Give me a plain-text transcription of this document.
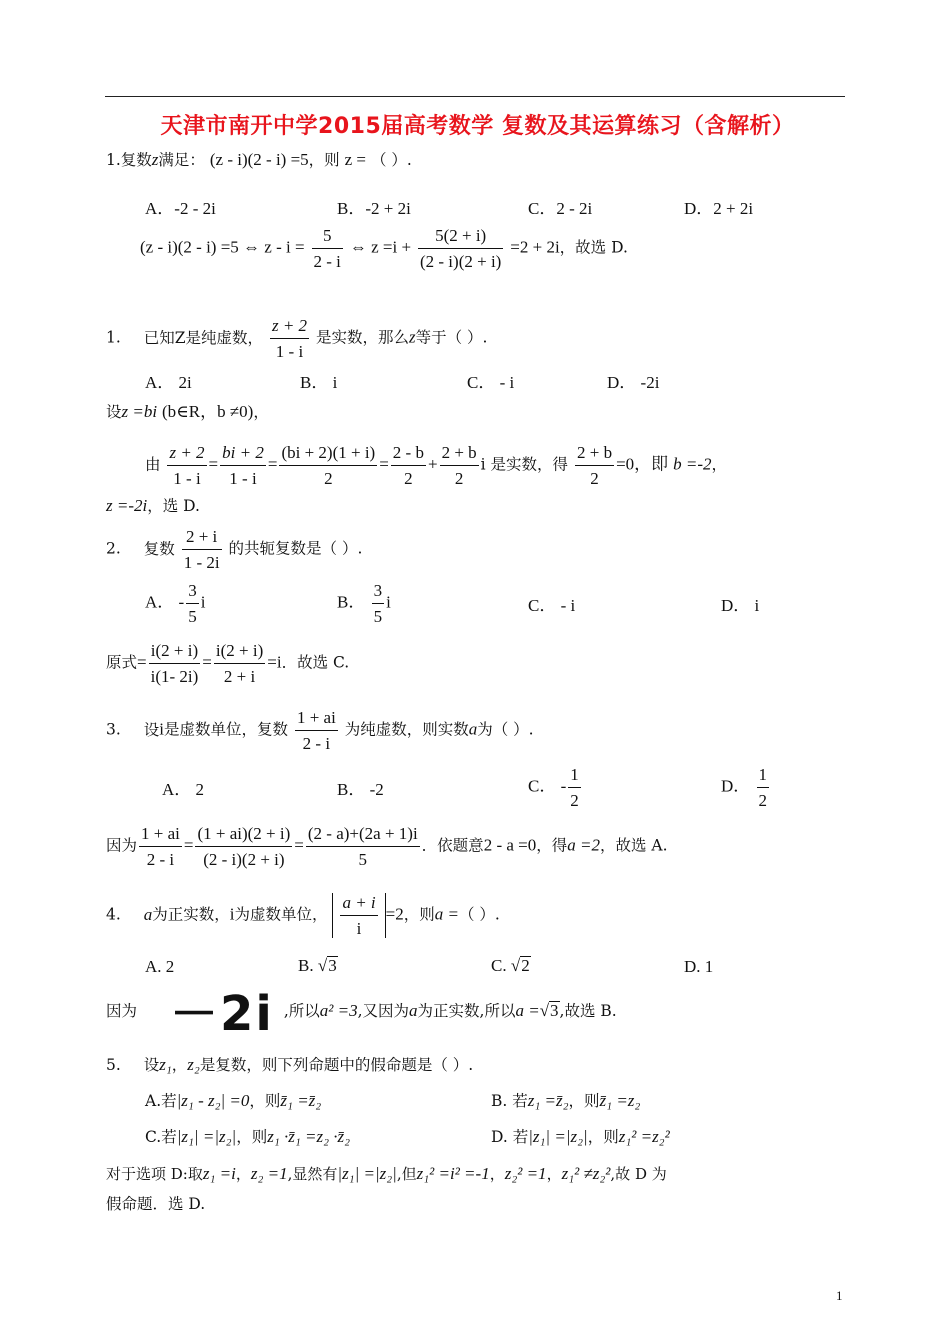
天津市南开中学2015届高考数学 复数及其运算练习（含解析）
1.复数z满足： (z - i)(2 - i) =5，则 z = （ ）.
A．-2 - 2i	B．-2 + 2i	C．2 - 2i	D．2 + 2i
(z - i)(2 - i) =5 ⇔ $z - i = \frac{5}{2 - i}$ ⇔ $z =i + \frac{5(2 + i)}{(2 - i)(2 + i)} =2 + 2i$，故选 D.
1. 已知Z是纯虚数， $\frac{z + 2}{1 - i}$ 是实数，那么z等于（ ）.
A． 2i	B． i	C． - i	D． -2i
设z =bi (b∈R，b ≠0)，
由 $\frac{z + 2}{1 - i} = \frac{bi + 2}{1 - i} = \frac{(bi + 2)(1 + i)}{2} = \frac{2 - b}{2} + \frac{2 + b}{2}$ i 是实数，得 $\frac{2 + b}{2} =0$，即 b =-2，
z =-2i，选 D.
2. 复数 $\frac{2 + i}{1 - 2i}$ 的共轭复数是（ ）.
A． - $\frac{3}{5}$ i	B． $\frac{3}{5}$ i	C． - i	D． i
原式= $\frac{i(2 + i)}{i(1- 2i)} = \frac{i(2 + i)}{2 + i} =i$．故选 C.
3. 设i是虚数单位，复数 $\frac{1 + ai}{2 - i}$ 为纯虚数，则实数a为（ ）.
A． 2	B． -2	C． - $\frac{1}{2}$	D． $\frac{1}{2}$
因为 $\frac{1 + ai}{2 - i} = \frac{(1 + ai)(2 + i)}{(2 - i)(2 + i)} = \frac{(2 - a)+(2a + 1)i}{5}$ ．依题意2 - a =0，得a =2，故选 A.
4. a为正实数，i为虚数单位， $\frac{a + i}{i} =2$，则a =（ ）.
A. 2	B. √3	C. √2	D. 1
因为 －2i ,所以a² =3,又因为a为正实数,所以a =√3,故选 B.
5. 设z₁，z₂是复数，则下列命题中的假命题是（ ）.
A.若|z₁ - z₂| =0，则z̄₁ =z̄₂	B. 若z₁ =z̄₂，则z̄₁ =z₂
C.若|z₁| =|z₂|，则z₁ ·z̄₁ =z₂ ·z̄₂	D. 若|z₁| =|z₂|，则z₁² =z₂²
对于选项 D:取z₁ =i，z₂ =1,显然有|z₁| =|z₂|,但z₁² =i² =-1，z₂² =1，z₁² ≠z₂²,故 D 为
假命题．选 D.
1
